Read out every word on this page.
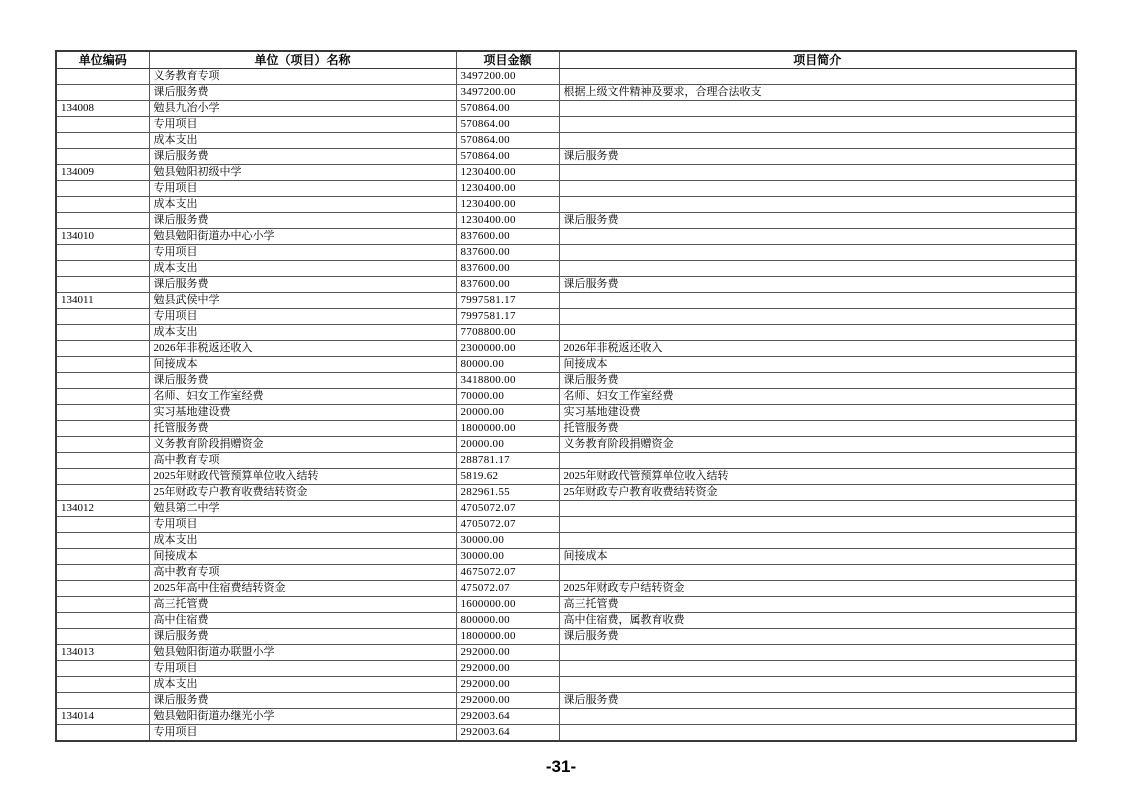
单位编码	单位（项目）名称	项目金额	项目简介
	义务教育专项	3497200.00	
	课后服务费	3497200.00	根据上级文件精神及要求，合理合法收支
134008	勉县九冶小学	570864.00	
	专用项目	570864.00	
	成本支出	570864.00	
	课后服务费	570864.00	课后服务费
134009	勉县勉阳初级中学	1230400.00	
	专用项目	1230400.00	
	成本支出	1230400.00	
	课后服务费	1230400.00	课后服务费
134010	勉县勉阳街道办中心小学	837600.00	
	专用项目	837600.00	
	成本支出	837600.00	
	课后服务费	837600.00	课后服务费
134011	勉县武侯中学	7997581.17	
	专用项目	7997581.17	
	成本支出	7708800.00	
	2026年非税返还收入	2300000.00	2026年非税返还收入
	间接成本	80000.00	间接成本
	课后服务费	3418800.00	课后服务费
	名师、妇女工作室经费	70000.00	名师、妇女工作室经费
	实习基地建设费	20000.00	实习基地建设费
	托管服务费	1800000.00	托管服务费
	义务教育阶段捐赠资金	20000.00	义务教育阶段捐赠资金
	高中教育专项	288781.17	
	2025年财政代管预算单位收入结转	5819.62	2025年财政代管预算单位收入结转
	25年财政专户教育收费结转资金	282961.55	25年财政专户教育收费结转资金
134012	勉县第二中学	4705072.07	
	专用项目	4705072.07	
	成本支出	30000.00	
	间接成本	30000.00	间接成本
	高中教育专项	4675072.07	
	2025年高中住宿费结转资金	475072.07	2025年财政专户结转资金
	高三托管费	1600000.00	高三托管费
	高中住宿费	800000.00	高中住宿费，属教育收费
	课后服务费	1800000.00	课后服务费
134013	勉县勉阳街道办联盟小学	292000.00	
	专用项目	292000.00	
	成本支出	292000.00	
	课后服务费	292000.00	课后服务费
134014	勉县勉阳街道办继光小学	292003.64	
	专用项目	292003.64	
-31-
